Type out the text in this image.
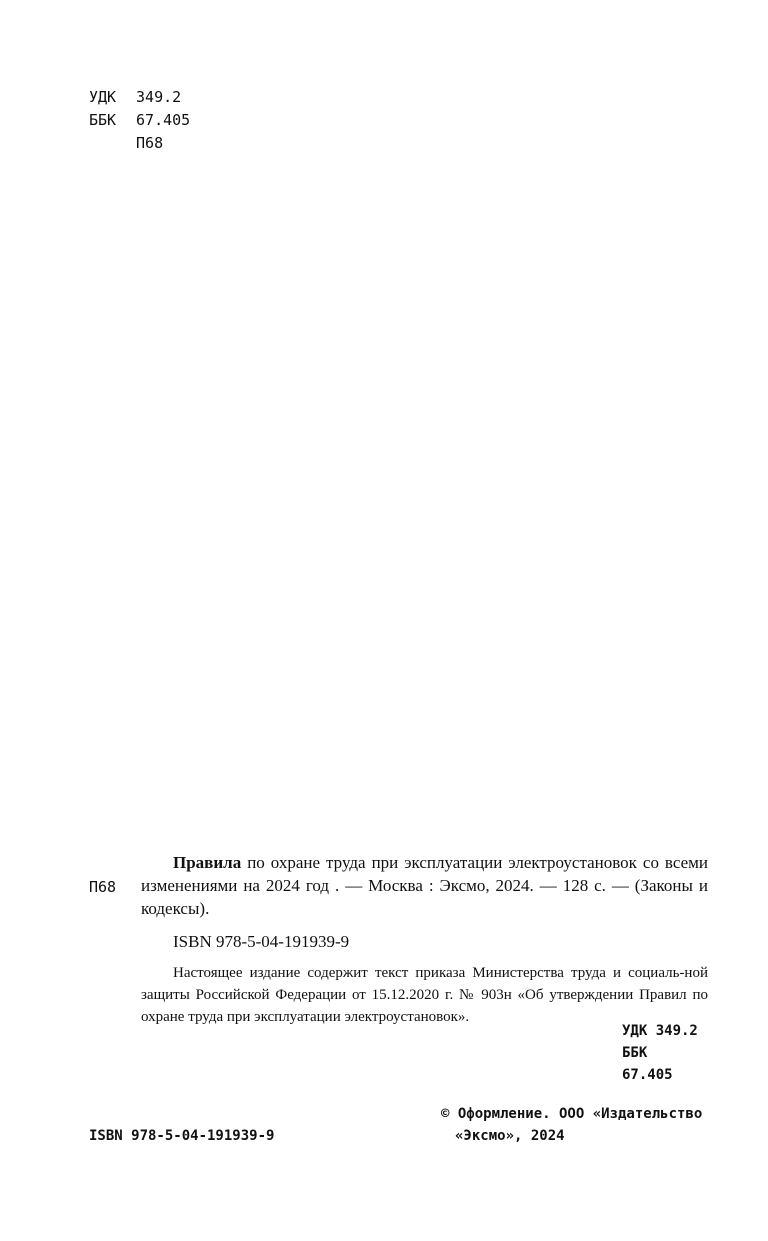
УДК 349.2
ББК 67.405
П68
П68
Правила по охране труда при эксплуатации электроустановок со всеми изменениями на 2024 год . — Москва : Эксмо, 2024. — 128 с. — (Законы и кодексы).
ISBN 978-5-04-191939-9
Настоящее издание содержит текст приказа Министерства труда и социаль-ной защиты Российской Федерации от 15.12.2020 г. № 903н «Об утверждении Правил по охране труда при эксплуатации электроустановок».
УДК 349.2
ББК 67.405
ISBN 978-5-04-191939-9
© Оформление. ООО «Издательство
«Эксмо», 2024
